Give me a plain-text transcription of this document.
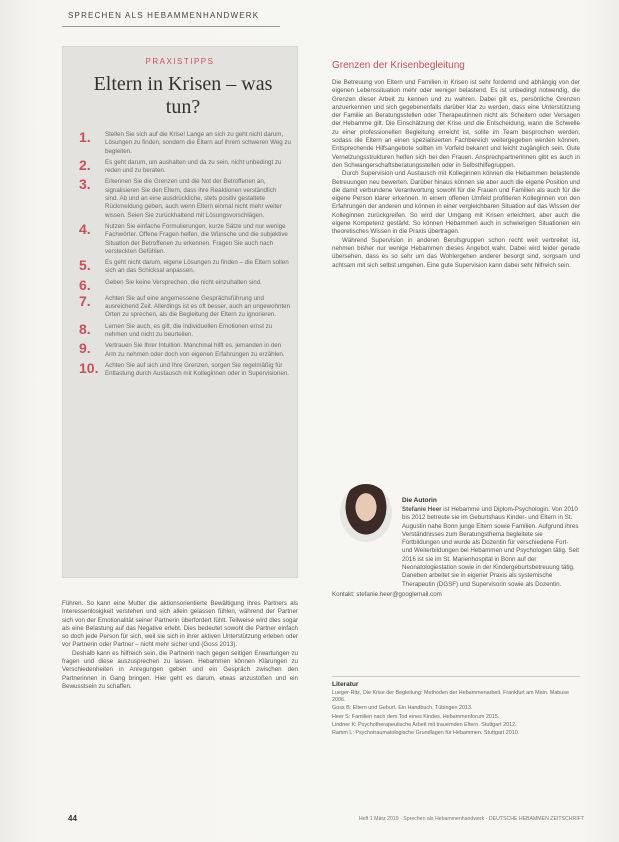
SPRECHEN ALS HEBAMMENHANDWERK
PRAXISTIPPS
Eltern in Krisen – was tun?
1.	Stellen Sie sich auf die Krise! Lange an sich zu geht nicht darum, Lösungen zu finden, sondern die Eltern auf ihrem schweren Weg zu begleiten.
2.	Es geht darum, um aushalten und da zu sein, nicht unbedingt zu reden und zu beraten.
3.	Erkennen Sie die Grenzen und die Not der Betroffenen an, signalisieren Sie den Eltern, dass ihre Reaktionen verständlich sind. Ab und an eine ausdrückliche, stets positiv gestaltete Rückmeldung geben, auch wenn Eltern einmal nicht mehr weiter wissen. Seien Sie zurückhaltend mit Lösungsvorschlägen.
4.	Nutzen Sie einfache Formulierungen, kurze Sätze und nur wenige Fachwörter. Offene Fragen helfen, die Wünsche und die subjektive Situation der Betroffenen zu erkennen. Fragen Sie auch nach versteckten Gefühlen.
5.	Es geht nicht darum, eigene Lösungen zu finden – die Eltern sollen sich an das Schicksal anpassen.
6.	Geben Sie keine Versprechen, die nicht einzuhalten sind.
7.	Achten Sie auf eine angemessene Gesprächsführung und ausreichend Zeit. Allerdings ist es oft besser, auch an ungewohnten Orten zu sprechen, als die Begleitung der Eltern zu ignorieren.
8.	Lernen Sie auch, es gilt, die individuellen Emotionen ernst zu nehmen und nicht zu beurteilen.
9.	Vertrauen Sie Ihrer Intuition. Manchmal hilft es, jemanden in den Arm zu nehmen oder doch von eigenen Erfahrungen zu erzählen.
10.	Achten Sie auf sich und Ihre Grenzen, sorgen Sie regelmäßig für Entlastung durch Austausch mit Kolleginnen oder in Supervisionen.

Führen. So kann eine Mutter die aktionsorientierte Bewältigung ihres Partners als Interessenlosigkeit verstehen und sich allein gelassen fühlen, während der Partner sich von der Emotionalität seiner Partnerin überfordert fühlt. Teilweise wird dies sogar als eine Belastung auf das Negative erlebt. Dies bedeutet sowohl die Partner einfach so doch jede Person für sich, weil sie sich in ihrer aktiven Unterstützung erleben oder vor Partnerin oder Partner – nicht mehr sicher und (Goss 2013).

Deshalb kann es hilfreich sein, die Partnerin nach gegen seitigen Erwartungen zu fragen und diese auszusprechen zu lassen. Hebammen können Klärungen zu Verschiedenheiten in Anregungen geben und ein Gespräch zwischen den Partnerinnen in Gang bringen. Hier geht es darum, etwas anzustoßen und ein Bewusstsein zu schaffen.

Grenzen der Krisenbegleitung

Die Betreuung von Eltern und Familien in Krisen ist sehr fordernd und abhängig von der eigenen Lebenssituation mehr oder weniger belastend. Es ist unbedingt notwendig, die Grenzen dieser Arbeit zu kennen und zu wahren. Dabei gilt es, persönliche Grenzen anzuerkennen und sich gegebenenfalls darüber klar zu werden, dass eine Unterstützung der Familie an Beratungsstellen oder Therapeutinnen nicht als Scheitern oder Versagen der Hebamme gilt. Die Einschätzung der Krise und die Entscheidung, wann die Schwelle zu einer professionellen Begleitung erreicht ist, sollte im Team besprochen werden, sodass die Eltern an einen spezialisierten Fachbereich weitergegeben werden können. Entsprechende Hilfsangebote sollten im Vorfeld bekannt und leicht zugänglich sein. Gute Vernetzungsstrukturen helfen sich bei den Frauen. Ansprechpartnerinnen gibt es auch in den Schwangerschaftsberatungsstellen oder in Selbsthilfegruppen.

Durch Supervision und Austausch mit Kolleginnen können die Hebammen belastende Betreuungen neu bewerten. Darüber hinaus können sie aber auch die eigene Position und die damit verbundene Verantwortung sowohl für die Frauen und Familien als auch für die eigene Person klarer erkennen. In einem offenen Umfeld profitieren Kolleginnen von den Erfahrungen der anderen und können in einer vergleichbaren Situation auf das Wissen der Kolleginnen zurückgreifen. So wird der Umgang mit Krisen erleichtert, aber auch die eigene Kompetenz gestärkt. So können Hebammen auch in schwierigen Situationen ein theoretisches Wissen in die Praxis übertragen.

Während Supervision in anderen Berufsgruppen schon recht weit verbreitet ist, nehmen bisher nur wenige Hebammen dieses Angebot wahr. Dabei wird leider gerade übersehen, dass es so sehr um das Wohlergehen anderer besorgt sind, sorgsam und achtsam mit sich selbst umgehen. Eine gute Supervision kann dabei sehr hilfreich sein.

Die Autorin
Stefanie Heer ist Hebamme und Diplom-Psychologin. Von 2010 bis 2012 betreute sie im Geburtshaus Kinder- und Eltern in St. Augustin nahe Bonn junge Eltern sowie Familien. Aufgrund ihres Verständnisses zum Beratungsthema begleitete sie Fortbildungen und wurde als Dozentin für verschiedene Fort- und Weiterbildungen bei Hebammen und Psychologen tätig. Seit 2016 ist sie im St. Marienhospital in Bonn auf der Neonatologiestation sowie in der Kindergeburtsbetreuung tätig. Daneben arbeitet sie in eigener Praxis als systemische Therapeutin (DGSF) und Supervisorin sowie als Dozentin.
Kontakt: stefanie.heer@googlemail.com
Literatur
Lueger-Ritz, Die Krise der Begleitung: Methoden der Hebammenarbeit. Frankfurt am Main. Mabuse 2006.
Goss B: Eltern und Geburt. Ein Handbuch. Tübingen 2013.
Heer S: Familien nach dem Tod eines Kindes. Hebammenforum 2015.
Lindner K: Psychotherapeutische Arbeit mit trauernden Eltern. Stuttgart 2012.
Ramm L: Psychotraumatologische Grundlagen für Hebammen. Stuttgart 2010.
44	Heft 1 März 2019 · Sprechen als Hebammenhandwerk · DEUTSCHE HEBAMMEN ZEITSCHRIFT
